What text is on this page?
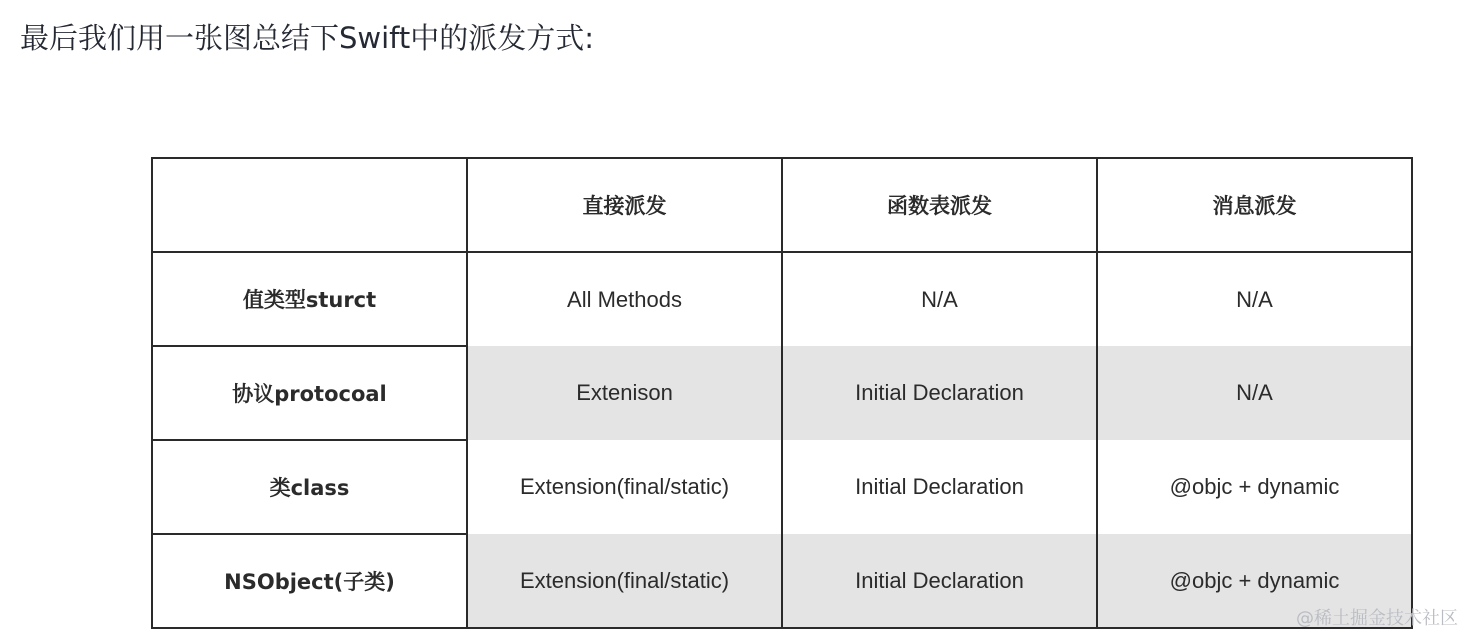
最后我们用一张图总结下Swift中的派发方式:
	直接派发	函数表派发	消息派发
值类型sturct	All Methods	N/A	N/A
协议protocoal	Extenison	Initial Declaration	N/A
类class	Extension(final/static)	Initial Declaration	@objc + dynamic
NSObject(子类)	Extension(final/static)	Initial Declaration	@objc + dynamic
@稀土掘金技术社区
